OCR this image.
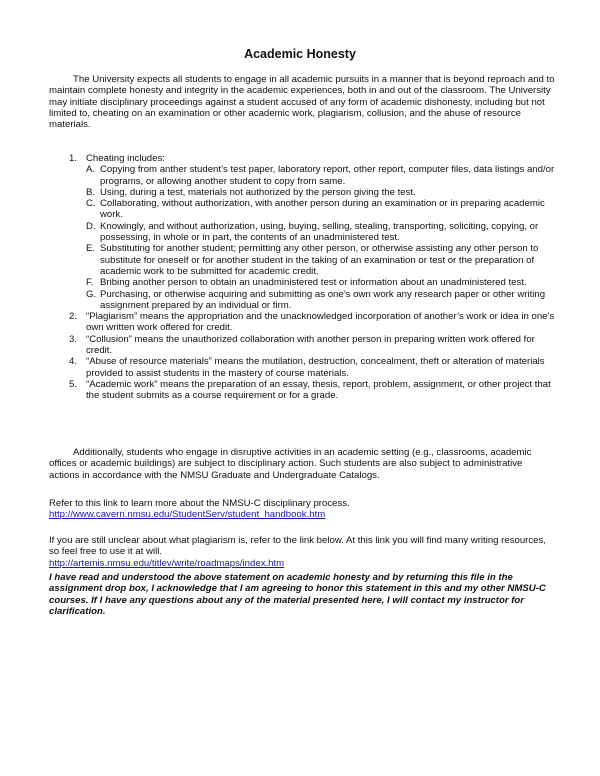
Academic Honesty
The University expects all students to engage in all academic pursuits in a manner that is beyond reproach and to maintain complete honesty and integrity in the academic experiences, both in and out of the classroom. The University may initiate disciplinary proceedings against a student accused of any form of academic dishonesty, including but not limited to, cheating on an examination or other academic work, plagiarism, collusion, and the abuse of resource materials.
1. Cheating includes:
A. Copying from anther student’s test paper, laboratory report, other report, computer files, data listings and/or programs, or allowing another student to copy from same.
B. Using, during a test, materials not authorized by the person giving the test.
C. Collaborating, without authorization, with another person during an examination or in preparing academic work.
D. Knowingly, and without authorization, using, buying, selling, stealing, transporting, soliciting, copying, or possessing, in whole or in part, the contents of an unadministered test.
E. Substituting for another student; permitting any other person, or otherwise assisting any other person to substitute for oneself or for another student in the taking of an examination or test or the preparation of academic work to be submitted for academic credit.
F. Bribing another person to obtain an unadministered test or information about an unadministered test.
G. Purchasing, or otherwise acquiring and submitting as one’s own work any research paper or other writing assignment prepared by an individual or firm.
2. “Plagiarism” means the appropriation and the unacknowledged incorporation of another’s work or idea in one’s own written work offered for credit.
3. “Collusion” means the unauthorized collaboration with another person in preparing written work offered for credit.
4. “Abuse of resource materials” means the mutilation, destruction, concealment, theft or alteration of materials provided to assist students in the mastery of course materials.
5. “Academic work” means the preparation of an essay, thesis, report, problem, assignment, or other project that the student submits as a course requirement or for a grade.
Additionally, students who engage in disruptive activities in an academic setting (e.g., classrooms, academic offices or academic buildings) are subject to disciplinary action. Such students are also subject to administrative actions in accordance with the NMSU Graduate and Undergraduate Catalogs.
Refer to this link to learn more about the NMSU-C disciplinary process.
http://www.cavern.nmsu.edu/StudentServ/student_handbook.htm
If you are still unclear about what plagiarism is, refer to the link below. At this link you will find many writing resources, so feel free to use it at will.
http://artemis.nmsu.edu/titlev/write/roadmaps/index.htm
I have read and understood the above statement on academic honesty and by returning this file in the assignment drop box, I acknowledge that I am agreeing to honor this statement in this and my other NMSU-C courses. If I have any questions about any of the material presented here, I will contact my instructor for clarification.
